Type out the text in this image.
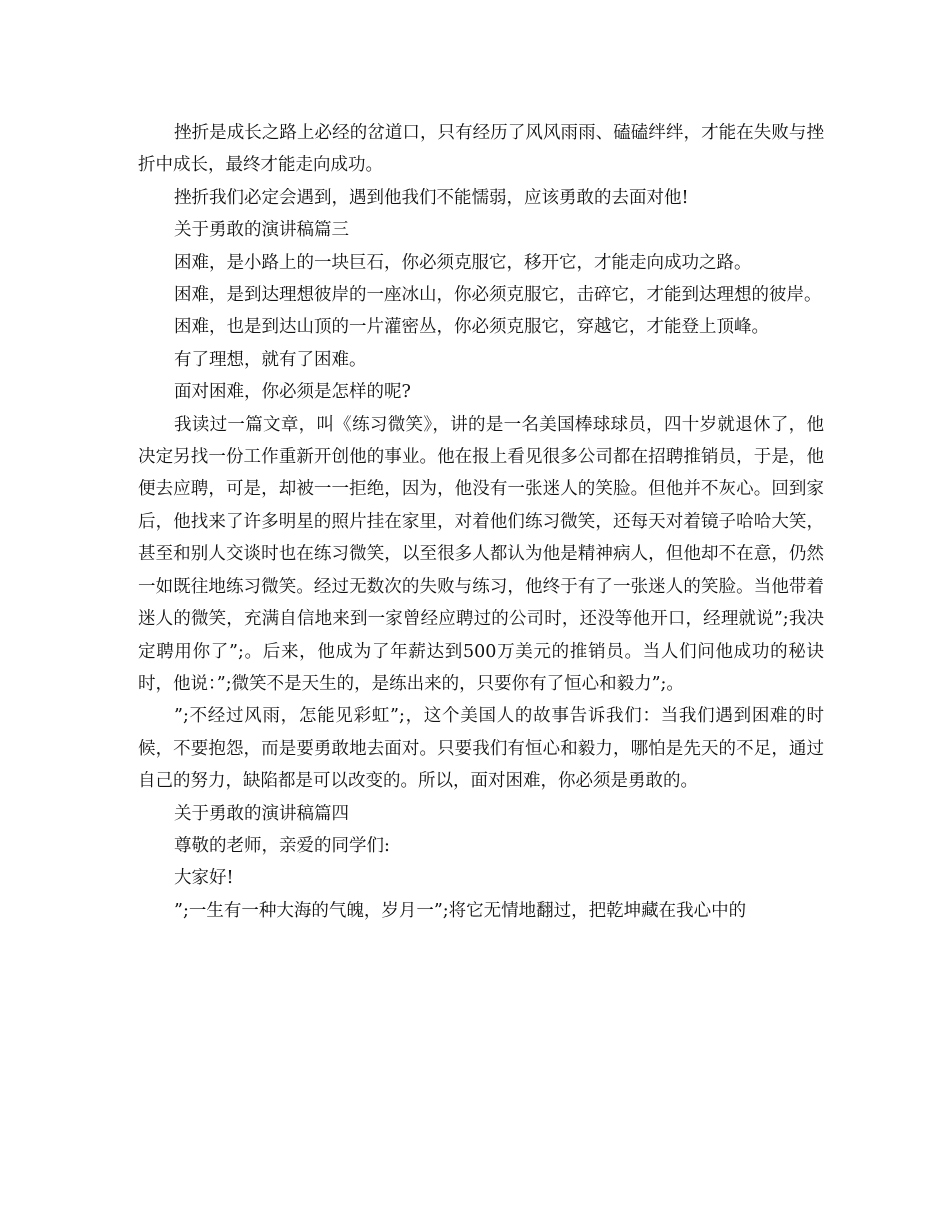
挫折是成长之路上必经的岔道口，只有经历了风风雨雨、磕磕绊绊，才能在失败与挫折中成长，最终才能走向成功。

挫折我们必定会遇到，遇到他我们不能懦弱，应该勇敢的去面对他!

关于勇敢的演讲稿篇三

困难，是小路上的一块巨石，你必须克服它，移开它，才能走向成功之路。

困难，是到达理想彼岸的一座冰山，你必须克服它，击碎它，才能到达理想的彼岸。

困难，也是到达山顶的一片灌密丛，你必须克服它，穿越它，才能登上顶峰。

有了理想，就有了困难。

面对困难，你必须是怎样的呢?

我读过一篇文章，叫《练习微笑》，讲的是一名美国棒球球员，四十岁就退休了，他决定另找一份工作重新开创他的事业。他在报上看见很多公司都在招聘推销员，于是，他便去应聘，可是，却被一一拒绝，因为，他没有一张迷人的笑脸。但他并不灰心。回到家后，他找来了许多明星的照片挂在家里，对着他们练习微笑，还每天对着镜子哈哈大笑，甚至和别人交谈时也在练习微笑，以至很多人都认为他是精神病人，但他却不在意，仍然一如既往地练习微笑。经过无数次的失败与练习，他终于有了一张迷人的笑脸。当他带着迷人的微笑，充满自信地来到一家曾经应聘过的公司时，还没等他开口，经理就说”;我决定聘用你了”;。后来，他成为了年薪达到500万美元的推销员。当人们问他成功的秘诀时，他说：”;微笑不是天生的，是练出来的，只要你有了恒心和毅力”;。

”;不经过风雨，怎能见彩虹”;，这个美国人的故事告诉我们：当我们遇到困难的时候，不要抱怨，而是要勇敢地去面对。只要我们有恒心和毅力，哪怕是先天的不足，通过自己的努力，缺陷都是可以改变的。所以，面对困难，你必须是勇敢的。

关于勇敢的演讲稿篇四

尊敬的老师，亲爱的同学们:

大家好!

”;一生有一种大海的气魄，岁月一”;将它无情地翻过，把乾坤藏在我心中的
